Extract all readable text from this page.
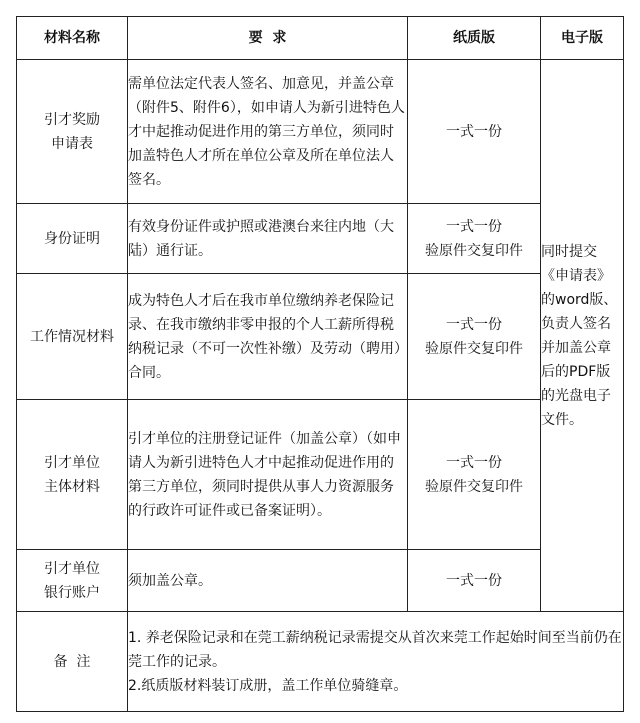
材料名称	要  求	纸质版	电子版

引才奖励
申请表	需单位法定代表人签名、加意见，并盖公章（附件5、附件6），如申请人为新引进特色人才中起推动促进作用的第三方单位，须同时加盖特色人才所在单位公章及所在单位法人签名。	一式一份	同时提交《申请表》的word版、负责人签名并加盖公章后的PDF版的光盘电子文件。

身份证明	有效身份证件或护照或港澳台来往内地（大陆）通行证。	一式一份
验原件交复印件	

工作情况材料	成为特色人才后在我市单位缴纳养老保险记录、在我市缴纳非零申报的个人工薪所得税纳税记录（不可一次性补缴）及劳动（聘用）合同。	一式一份
验原件交复印件	

引才单位
主体材料	引才单位的注册登记证件（加盖公章）（如申请人为新引进特色人才中起推动促进作用的第三方单位，须同时提供从事人力资源服务的行政许可证件或已备案证明）。	一式一份
验原件交复印件	

引才单位
银行账户	须加盖公章。	一式一份	

备  注	1. 养老保险记录和在莞工薪纳税记录需提交从首次来莞工作起始时间至当前仍在莞工作的记录。
2.纸质版材料装订成册，盖工作单位骑缝章。		
